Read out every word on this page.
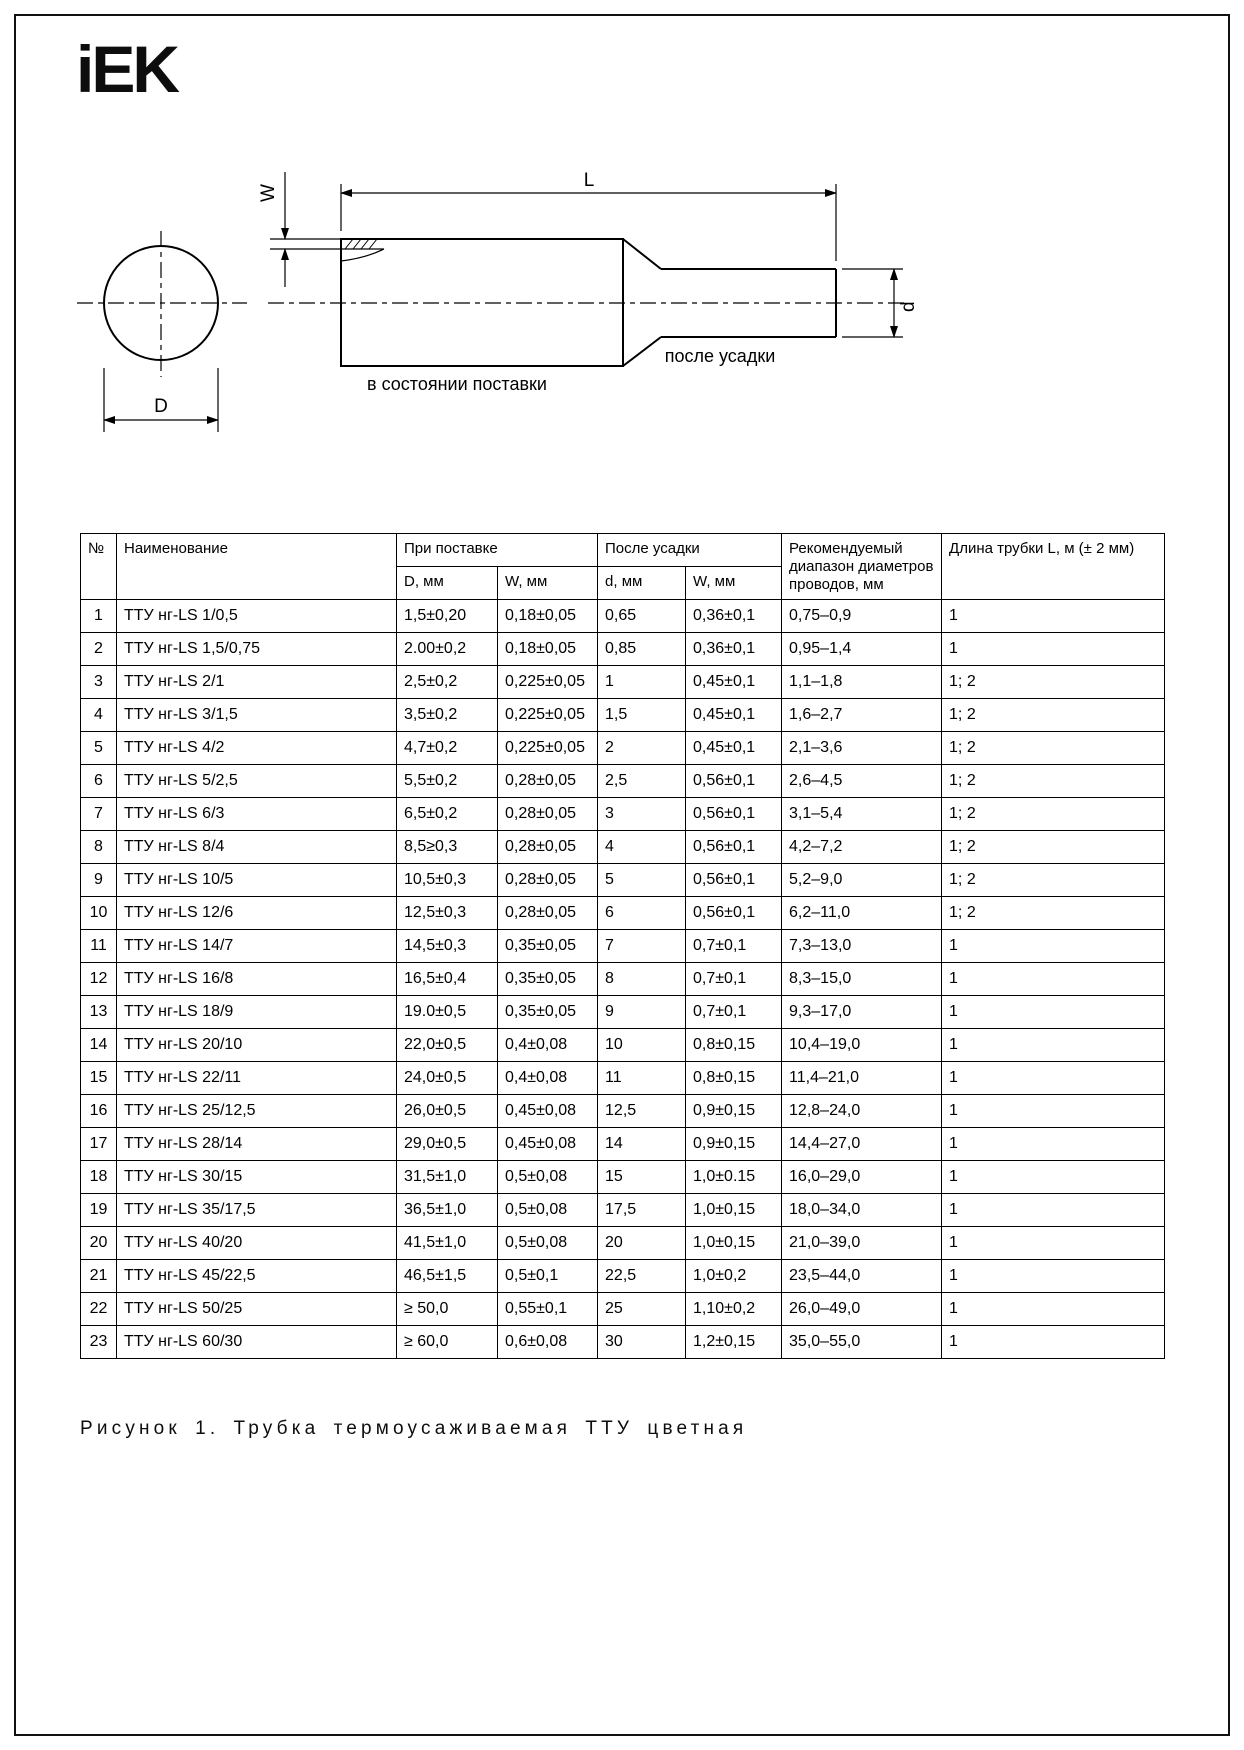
iEK
D
L
W
d
в состоянии поставки
после усадки
№	Наименование	При поставке		После усадки		Рекомендуемый диапазон диаметров проводов, мм	Длина трубки L, м (± 2 мм)
		D, мм	W, мм	d, мм	W, мм		
1	ТТУ нг-LS 1/0,5	1,5±0,20	0,18±0,05	0,65	0,36±0,1	0,75–0,9	1
2	ТТУ нг-LS 1,5/0,75	2.00±0,2	0,18±0,05	0,85	0,36±0,1	0,95–1,4	1
3	ТТУ нг-LS 2/1	2,5±0,2	0,225±0,05	1	0,45±0,1	1,1–1,8	1; 2
4	ТТУ нг-LS 3/1,5	3,5±0,2	0,225±0,05	1,5	0,45±0,1	1,6–2,7	1; 2
5	ТТУ нг-LS 4/2	4,7±0,2	0,225±0,05	2	0,45±0,1	2,1–3,6	1; 2
6	ТТУ нг-LS 5/2,5	5,5±0,2	0,28±0,05	2,5	0,56±0,1	2,6–4,5	1; 2
7	ТТУ нг-LS 6/3	6,5±0,2	0,28±0,05	3	0,56±0,1	3,1–5,4	1; 2
8	ТТУ нг-LS 8/4	8,5≥0,3	0,28±0,05	4	0,56±0,1	4,2–7,2	1; 2
9	ТТУ нг-LS 10/5	10,5±0,3	0,28±0,05	5	0,56±0,1	5,2–9,0	1; 2
10	ТТУ нг-LS 12/6	12,5±0,3	0,28±0,05	6	0,56±0,1	6,2–11,0	1; 2
11	ТТУ нг-LS 14/7	14,5±0,3	0,35±0,05	7	0,7±0,1	7,3–13,0	1
12	ТТУ нг-LS 16/8	16,5±0,4	0,35±0,05	8	0,7±0,1	8,3–15,0	1
13	ТТУ нг-LS 18/9	19.0±0,5	0,35±0,05	9	0,7±0,1	9,3–17,0	1
14	ТТУ нг-LS 20/10	22,0±0,5	0,4±0,08	10	0,8±0,15	10,4–19,0	1
15	ТТУ нг-LS 22/11	24,0±0,5	0,4±0,08	11	0,8±0,15	11,4–21,0	1
16	ТТУ нг-LS 25/12,5	26,0±0,5	0,45±0,08	12,5	0,9±0,15	12,8–24,0	1
17	ТТУ нг-LS 28/14	29,0±0,5	0,45±0,08	14	0,9±0,15	14,4–27,0	1
18	ТТУ нг-LS 30/15	31,5±1,0	0,5±0,08	15	1,0±0.15	16,0–29,0	1
19	ТТУ нг-LS 35/17,5	36,5±1,0	0,5±0,08	17,5	1,0±0,15	18,0–34,0	1
20	ТТУ нг-LS 40/20	41,5±1,0	0,5±0,08	20	1,0±0,15	21,0–39,0	1
21	ТТУ нг-LS 45/22,5	46,5±1,5	0,5±0,1	22,5	1,0±0,2	23,5–44,0	1
22	ТТУ нг-LS 50/25	≥ 50,0	0,55±0,1	25	1,10±0,2	26,0–49,0	1
23	ТТУ нг-LS 60/30	≥ 60,0	0,6±0,08	30	1,2±0,15	35,0–55,0	1
Рисунок 1. Трубка термоусаживаемая ТТУ цветная
